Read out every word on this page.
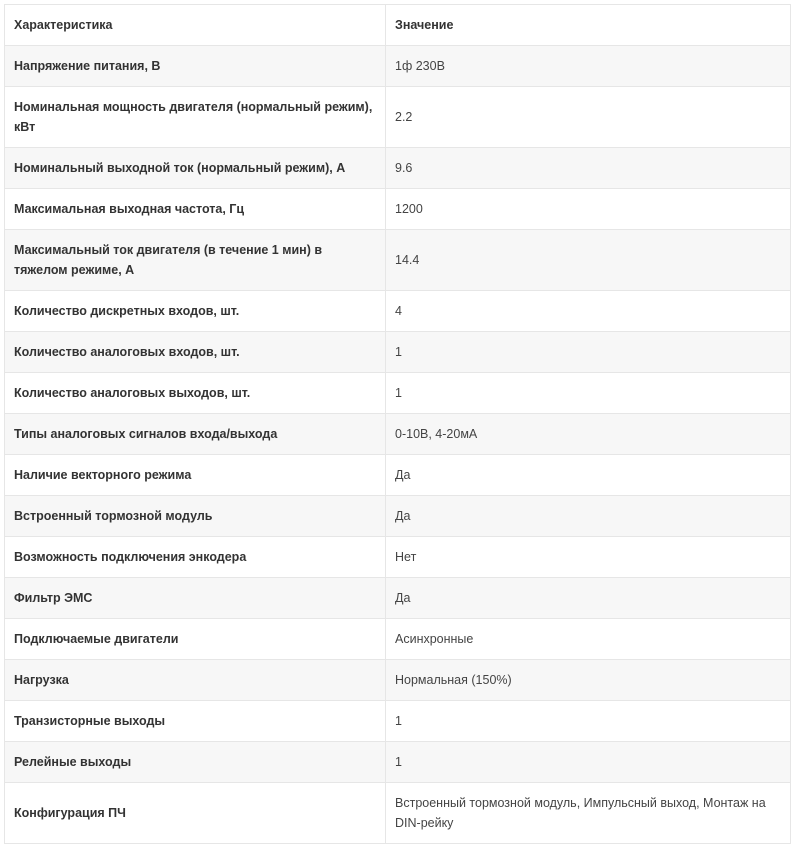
Характеристика	Значение
Напряжение питания, В	1ф 230В
Номинальная мощность двигателя (нормальный режим), кВт	2.2
Номинальный выходной ток (нормальный режим), А	9.6
Максимальная выходная частота, Гц	1200
Максимальный ток двигателя (в течение 1 мин) в тяжелом режиме, А	14.4
Количество дискретных входов, шт.	4
Количество аналоговых входов, шт.	1
Количество аналоговых выходов, шт.	1
Типы аналоговых сигналов входа/выхода	0-10В, 4-20мА
Наличие векторного режима	Да
Встроенный тормозной модуль	Да
Возможность подключения энкодера	Нет
Фильтр ЭМС	Да
Подключаемые двигатели	Асинхронные
Нагрузка	Нормальная (150%)
Транзисторные выходы	1
Релейные выходы	1
Конфигурация ПЧ	Встроенный тормозной модуль, Импульсный выход, Монтаж на DIN-рейку
